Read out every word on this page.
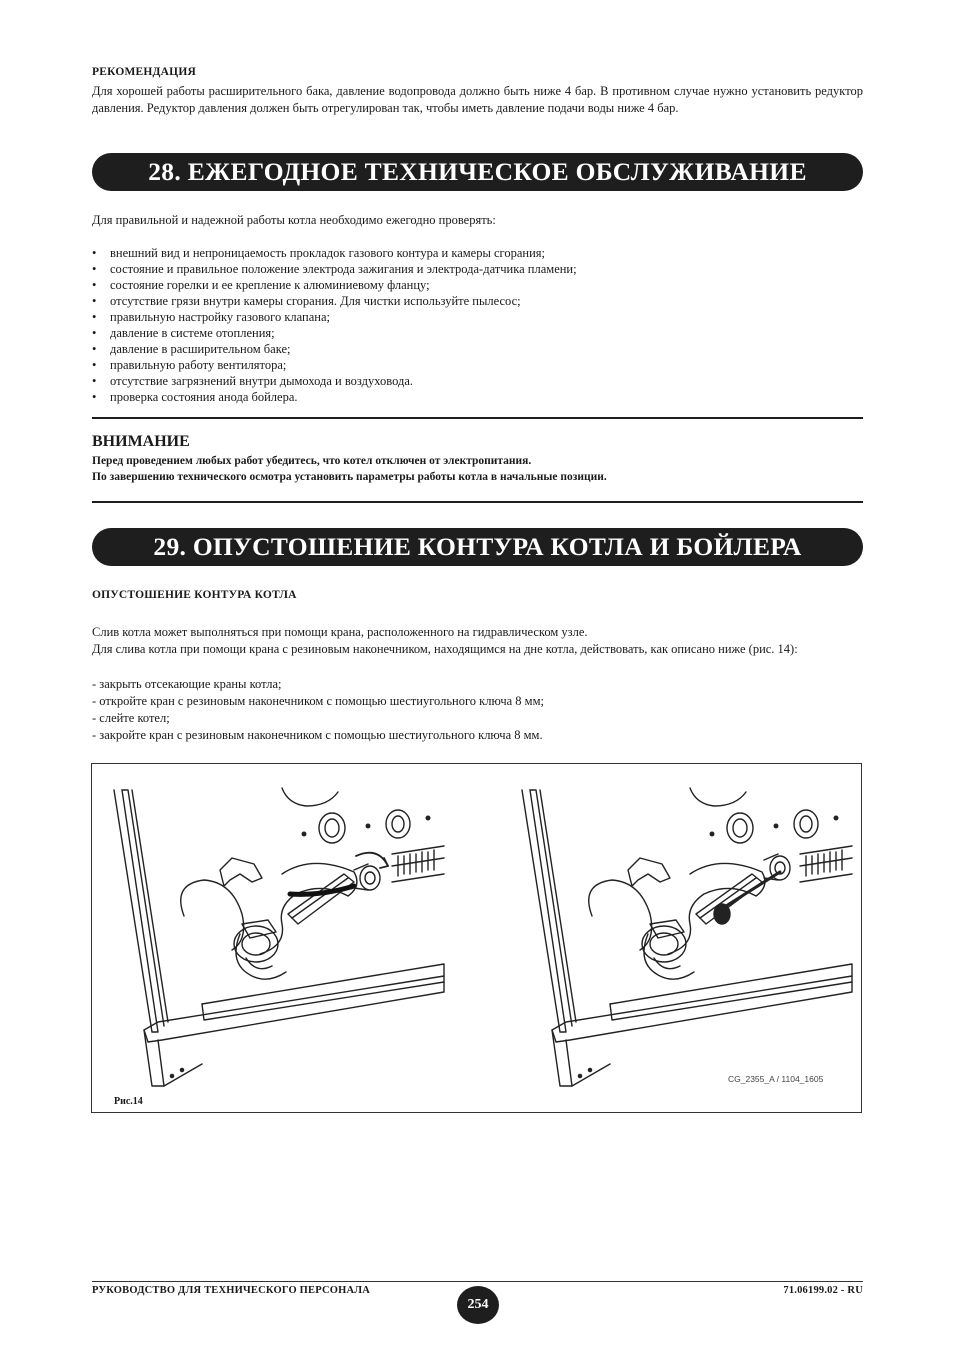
РЕКОМЕНДАЦИЯ
Для хорошей работы расширительного бака, давление водопровода должно быть ниже 4 бар. В противном случае нужно установить редуктор давления. Редуктор давления должен быть отрегулирован так, чтобы иметь давление подачи воды ниже 4 бар.
28. ЕЖЕГОДНОЕ ТЕХНИЧЕСКОЕ ОБСЛУЖИВАНИЕ
Для правильной и надежной работы котла необходимо ежегодно проверять:
• внешний вид и непроницаемость прокладок газового контура и камеры сгорания;
• состояние и правильное положение электрода зажигания и электрода-датчика пламени;
• состояние горелки и ее крепление к алюминиевому фланцу;
• отсутствие грязи внутри камеры сгорания. Для чистки используйте пылесос;
• правильную настройку газового клапана;
• давление в системе отопления;
• давление в расширительном баке;
• правильную работу вентилятора;
• отсутствие загрязнений внутри дымохода и воздуховода.
• проверка состояния анода бойлера.
ВНИМАНИЕ
Перед проведением любых работ убедитесь, что котел отключен от электропитания.
По завершению технического осмотра установить параметры работы котла в начальные позиции.
29. ОПУСТОШЕНИЕ КОНТУРА КОТЛА И БОЙЛЕРА
ОПУСТОШЕНИЕ КОНТУРА КОТЛА
Слив котла может выполняться при помощи крана, расположенного на гидравлическом узле.
Для слива котла при помощи крана с резиновым наконечником, находящимся на дне котла, действовать, как описано ниже (рис. 14):
- закрыть отсекающие краны котла;
- откройте кран с резиновым наконечником с помощью шестиугольного ключа 8 мм;
- слейте котел;
- закройте кран с резиновым наконечником с помощью шестиугольного ключа 8 мм.
Рис.14
CG_2355_A / 1104_1605
РУКОВОДСТВО ДЛЯ ТЕХНИЧЕСКОГО ПЕРСОНАЛА
254
71.06199.02 - RU
